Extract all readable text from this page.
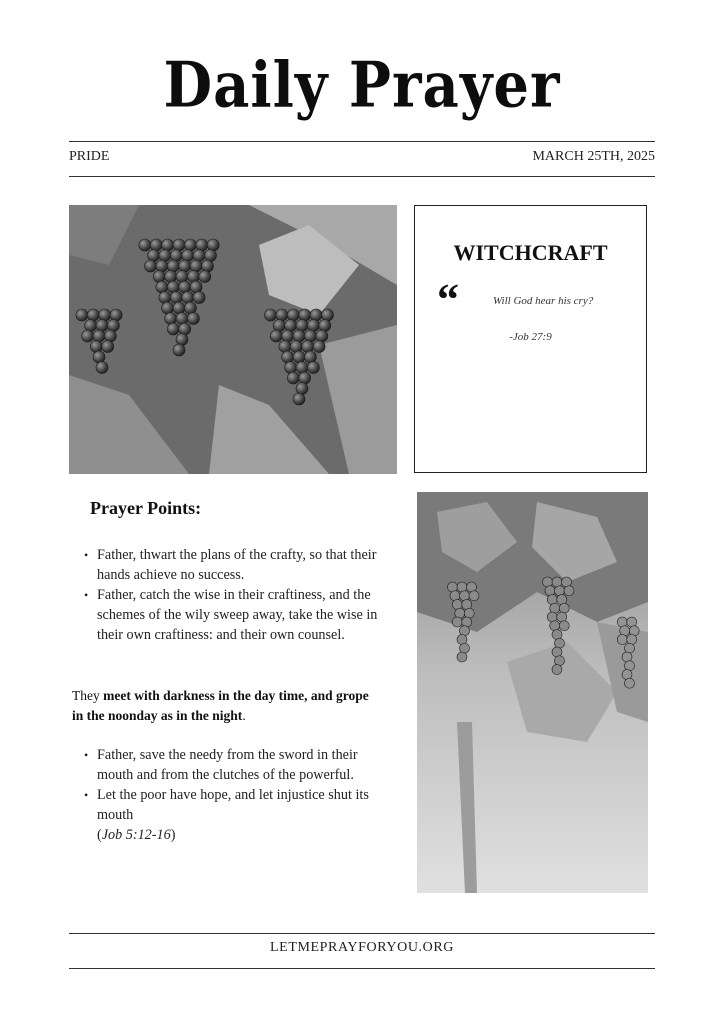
Daily Prayer
PRIDE	MARCH 25TH, 2025
WITCHCRAFT
“	Will God hear his cry?
-Job 27:9
Prayer Points:
• Father, thwart the plans of the crafty, so that their hands achieve no success.
• Father, catch the wise in their craftiness, and the schemes of the wily sweep away, take the wise in their own craftiness: and their own counsel.
They meet with darkness in the day time, and grope in the noonday as in the night.
• Father, save the needy from the sword in their mouth and from the clutches of the powerful.
• Let the poor have hope, and let injustice shut its mouth
(Job 5:12-16)
LETMEPRAYFORYOU.ORG
